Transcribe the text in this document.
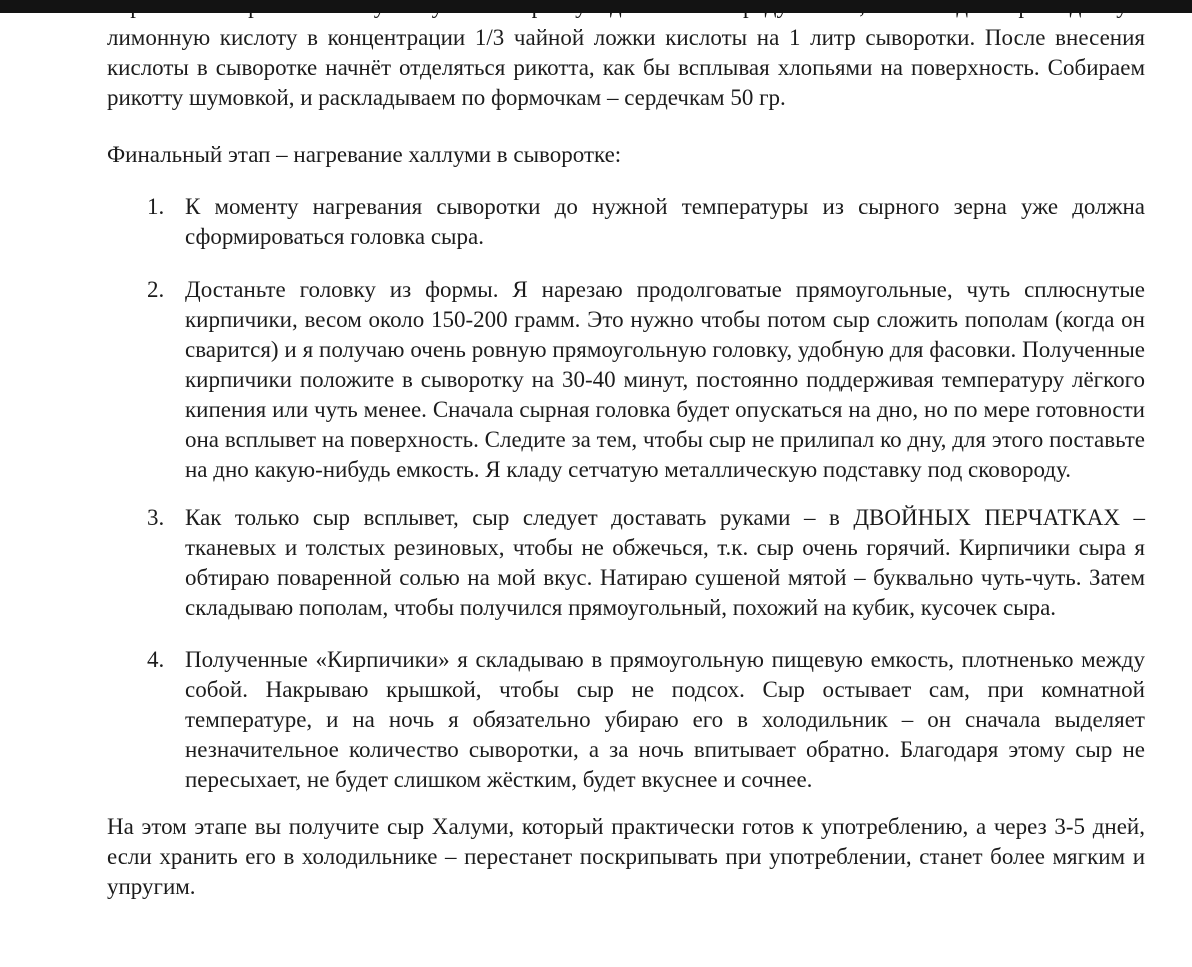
лимонную кислоту в концентрации 1/3 чайной ложки кислоты на 1 литр сыворотки. После внесения кислоты в сыворотке начнёт отделяться рикотта, как бы всплывая хлопьями на поверхность. Собираем рикотту шумовкой, и раскладываем по формочкам – сердечкам 50 гр.

Финальный этап – нагревание халлуми в сыворотке:

1. К моменту нагревания сыворотки до нужной температуры из сырного зерна уже должна сформироваться головка сыра.
2. Достаньте головку из формы. Я нарезаю продолговатые прямоугольные, чуть сплюснутые кирпичики, весом около 150-200 грамм. Это нужно чтобы потом сыр сложить пополам (когда он сварится) и я получаю очень ровную прямоугольную головку, удобную для фасовки. Полученные кирпичики положите в сыворотку на 30-40 минут, постоянно поддерживая температуру лёгкого кипения или чуть менее. Сначала сырная головка будет опускаться на дно, но по мере готовности она всплывет на поверхность. Следите за тем, чтобы сыр не прилипал ко дну, для этого поставьте на дно какую-нибудь емкость. Я кладу сетчатую металлическую подставку под сковороду.
3. Как только сыр всплывет, сыр следует доставать руками – в ДВОЙНЫХ ПЕРЧАТКАХ – тканевых и толстых резиновых, чтобы не обжечься, т.к. сыр очень горячий. Кирпичики сыра я обтираю поваренной солью на мой вкус. Натираю сушеной мятой – буквально чуть-чуть. Затем складываю пополам, чтобы получился прямоугольный, похожий на кубик, кусочек сыра.
4. Полученные «Кирпичики» я складываю в прямоугольную пищевую емкость, плотненько между собой. Накрываю крышкой, чтобы сыр не подсох. Сыр остывает сам, при комнатной температуре, и на ночь я обязательно убираю его в холодильник – он сначала выделяет незначительное количество сыворотки, а за ночь впитывает обратно. Благодаря этому сыр не пересыхает, не будет слишком жёстким, будет вкуснее и сочнее.

На этом этапе вы получите сыр Халуми, который практически готов к употреблению, а через 3-5 дней, если хранить его в холодильнике – перестанет поскрипывать при употреблении, станет более мягким и упругим.
